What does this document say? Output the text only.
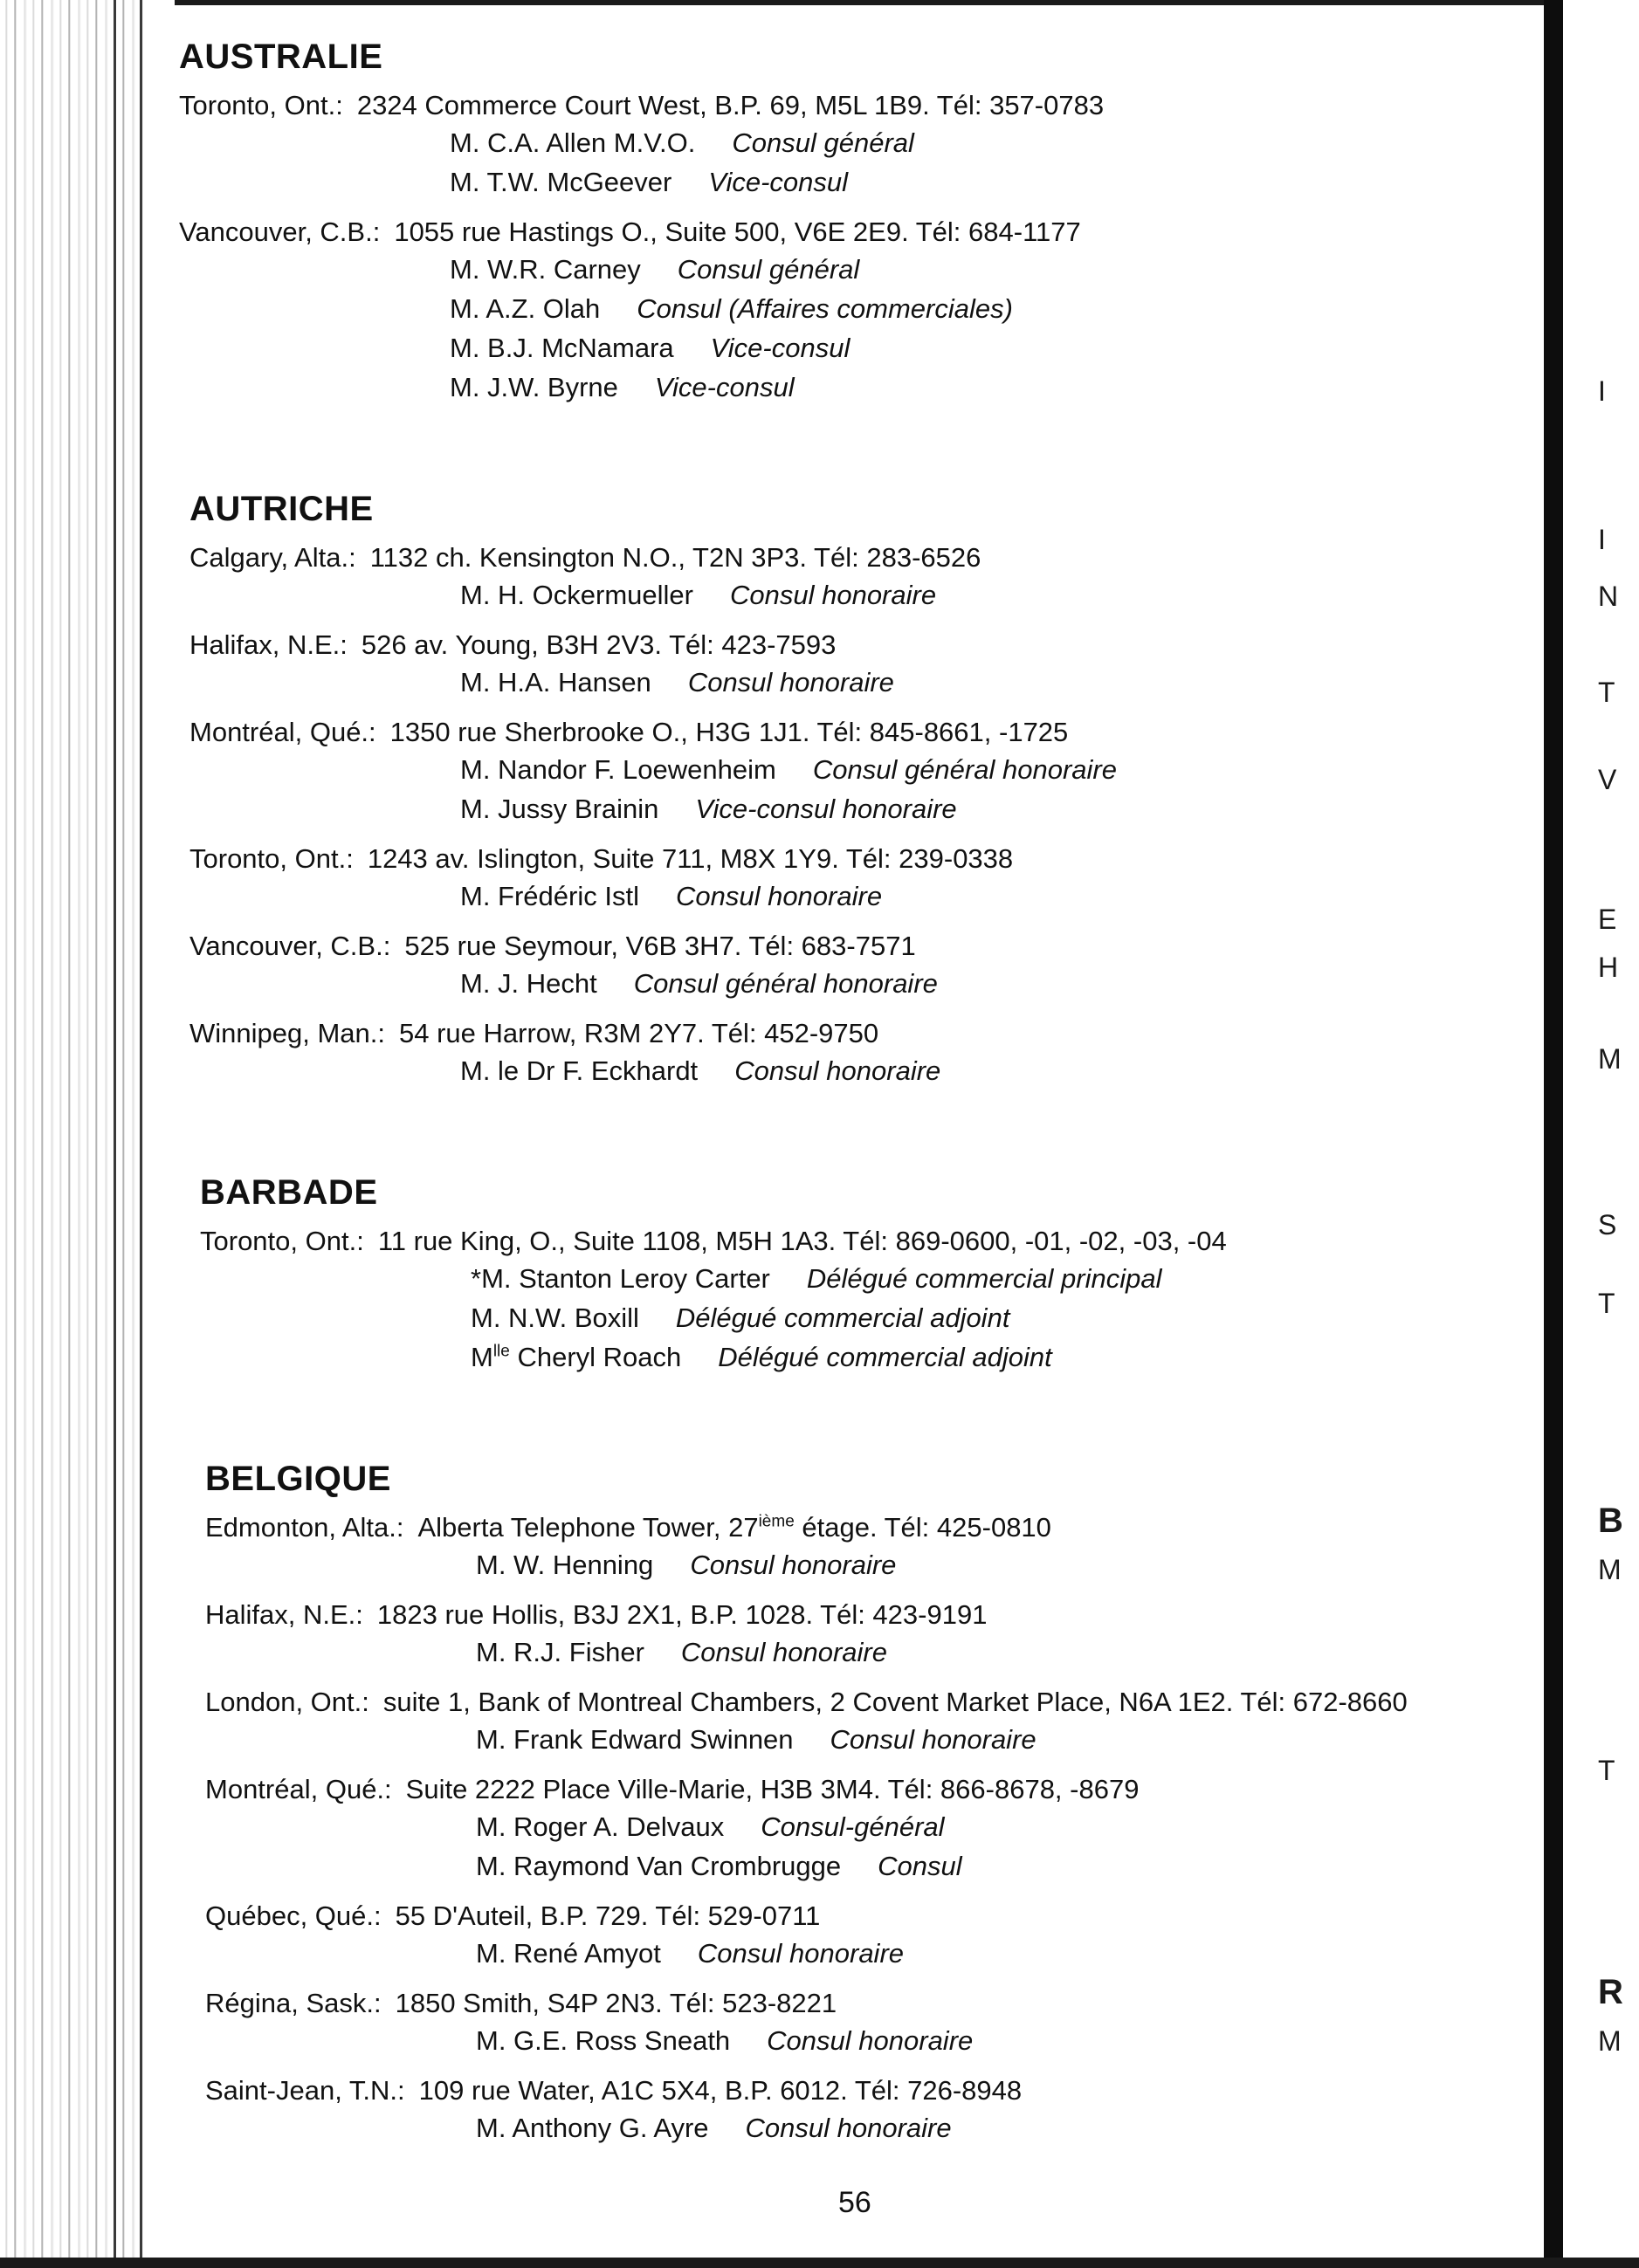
I
I
N
T
V
E
H
M
S
T
B
M
T
R
M
AUSTRALIE
Toronto, Ont.: 2324 Commerce Court West, B.P. 69, M5L 1B9. Tél: 357-0783
M. C.A. Allen M.V.O. Consul général
M. T.W. McGeever Vice-consul
Vancouver, C.B.: 1055 rue Hastings O., Suite 500, V6E 2E9. Tél: 684-1177
M. W.R. Carney Consul général
M. A.Z. Olah Consul (Affaires commerciales)
M. B.J. McNamara Vice-consul
M. J.W. Byrne Vice-consul
AUTRICHE
Calgary, Alta.: 1132 ch. Kensington N.O., T2N 3P3. Tél: 283-6526
M. H. Ockermueller Consul honoraire
Halifax, N.E.: 526 av. Young, B3H 2V3. Tél: 423-7593
M. H.A. Hansen Consul honoraire
Montréal, Qué.: 1350 rue Sherbrooke O., H3G 1J1. Tél: 845-8661, -1725
M. Nandor F. Loewenheim Consul général honoraire
M. Jussy Brainin Vice-consul honoraire
Toronto, Ont.: 1243 av. Islington, Suite 711, M8X 1Y9. Tél: 239-0338
M. Frédéric Istl Consul honoraire
Vancouver, C.B.: 525 rue Seymour, V6B 3H7. Tél: 683-7571
M. J. Hecht Consul général honoraire
Winnipeg, Man.: 54 rue Harrow, R3M 2Y7. Tél: 452-9750
M. le Dr F. Eckhardt Consul honoraire
BARBADE
Toronto, Ont.: 11 rue King, O., Suite 1108, M5H 1A3. Tél: 869-0600, -01, -02, -03, -04
*M. Stanton Leroy Carter Délégué commercial principal
M. N.W. Boxill Délégué commercial adjoint
$M^{lle}$ Cheryl Roach Délégué commercial adjoint
BELGIQUE
Edmonton, Alta.: Alberta Telephone Tower, 27ième étage. Tél: 425-0810
M. W. Henning Consul honoraire
Halifax, N.E.: 1823 rue Hollis, B3J 2X1, B.P. 1028. Tél: 423-9191
M. R.J. Fisher Consul honoraire
London, Ont.: suite 1, Bank of Montreal Chambers, 2 Covent Market Place, N6A 1E2. Tél: 672-8660
M. Frank Edward Swinnen Consul honoraire
Montréal, Qué.: Suite 2222 Place Ville-Marie, H3B 3M4. Tél: 866-8678, -8679
M. Roger A. Delvaux Consul-général
M. Raymond Van Crombrugge Consul
Québec, Qué.: 55 D'Auteil, B.P. 729. Tél: 529-0711
M. René Amyot Consul honoraire
Régina, Sask.: 1850 Smith, S4P 2N3. Tél: 523-8221
M. G.E. Ross Sneath Consul honoraire
Saint-Jean, T.N.: 109 rue Water, A1C 5X4, B.P. 6012. Tél: 726-8948
M. Anthony G. Ayre Consul honoraire
56
